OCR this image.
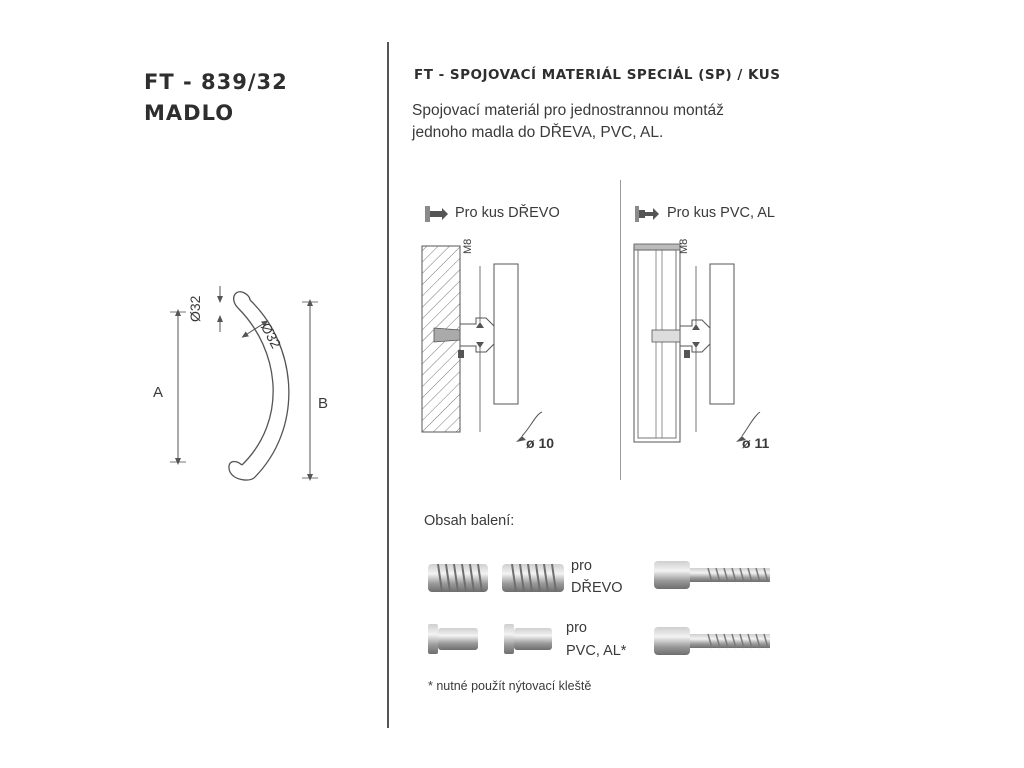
FT - 839/32
MADLO
A
B
Ø32
Ø32
FT - SPOJOVACÍ MATERIÁL SPECIÁL (SP) / KUS
Spojovací materiál pro jednostrannou montáž
jednoho madla do DŘEVA, PVC, AL.
Pro kus DŘEVO
M8
ø 10
Pro kus PVC, AL
M8
ø 11
Obsah balení:
pro
DŘEVO
pro
PVC, AL*
* nutné použít nýtovací kleště
